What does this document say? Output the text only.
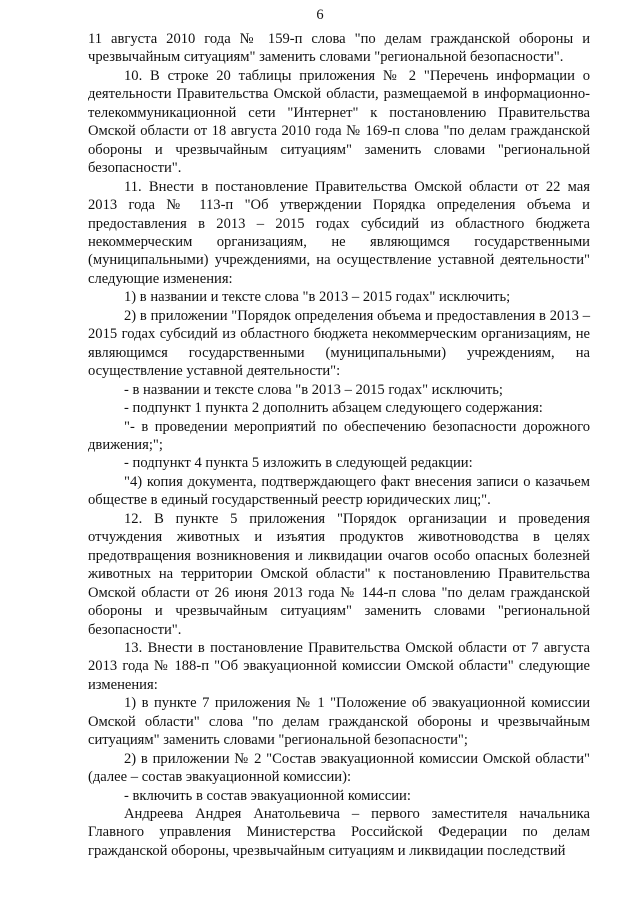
6

11 августа 2010 года № 159-п слова "по делам гражданской обороны и чрезвычайным ситуациям" заменить словами "региональной безопасности".

10. В строке 20 таблицы приложения № 2 "Перечень информации о деятельности Правительства Омской области, размещаемой в информационно-телекоммуникационной сети "Интернет" к постановлению Правительства Омской области от 18 августа 2010 года № 169-п слова "по делам гражданской обороны и чрезвычайным ситуациям" заменить словами "региональной безопасности".

11. Внести в постановление Правительства Омской области от 22 мая 2013 года № 113-п "Об утверждении Порядка определения объема и предоставления в 2013 – 2015 годах субсидий из областного бюджета некоммерческим организациям, не являющимся государственными (муниципальными) учреждениями, на осуществление уставной деятельности" следующие изменения:

1) в названии и тексте слова "в 2013 – 2015 годах" исключить;

2) в приложении "Порядок определения объема и предоставления в 2013 – 2015 годах субсидий из областного бюджета некоммерческим организациям, не являющимся государственными (муниципальными) учреждениям, на осуществление уставной деятельности":

- в названии и тексте слова "в 2013 – 2015 годах" исключить;

- подпункт 1 пункта 2 дополнить абзацем следующего содержания:

"- в проведении мероприятий по обеспечению безопасности дорожного движения;";

- подпункт 4 пункта 5 изложить в следующей редакции:

"4) копия документа, подтверждающего факт внесения записи о казачьем обществе в единый государственный реестр юридических лиц;".

12. В пункте 5 приложения "Порядок организации и проведения отчуждения животных и изъятия продуктов животноводства в целях предотвращения возникновения и ликвидации очагов особо опасных болезней животных на территории Омской области" к постановлению Правительства Омской области от 26 июня 2013 года № 144-п слова "по делам гражданской обороны и чрезвычайным ситуациям" заменить словами "региональной безопасности".

13. Внести в постановление Правительства Омской области от 7 августа 2013 года № 188-п "Об эвакуационной комиссии Омской области" следующие изменения:

1) в пункте 7 приложения № 1 "Положение об эвакуационной комиссии Омской области" слова "по делам гражданской обороны и чрезвычайным ситуациям" заменить словами "региональной безопасности";

2) в приложении № 2 "Состав эвакуационной комиссии Омской области" (далее – состав эвакуационной комиссии):

- включить в состав эвакуационной комиссии:

Андреева Андрея Анатольевича – первого заместителя начальника Главного управления Министерства Российской Федерации по делам гражданской обороны, чрезвычайным ситуациям и ликвидации последствий
